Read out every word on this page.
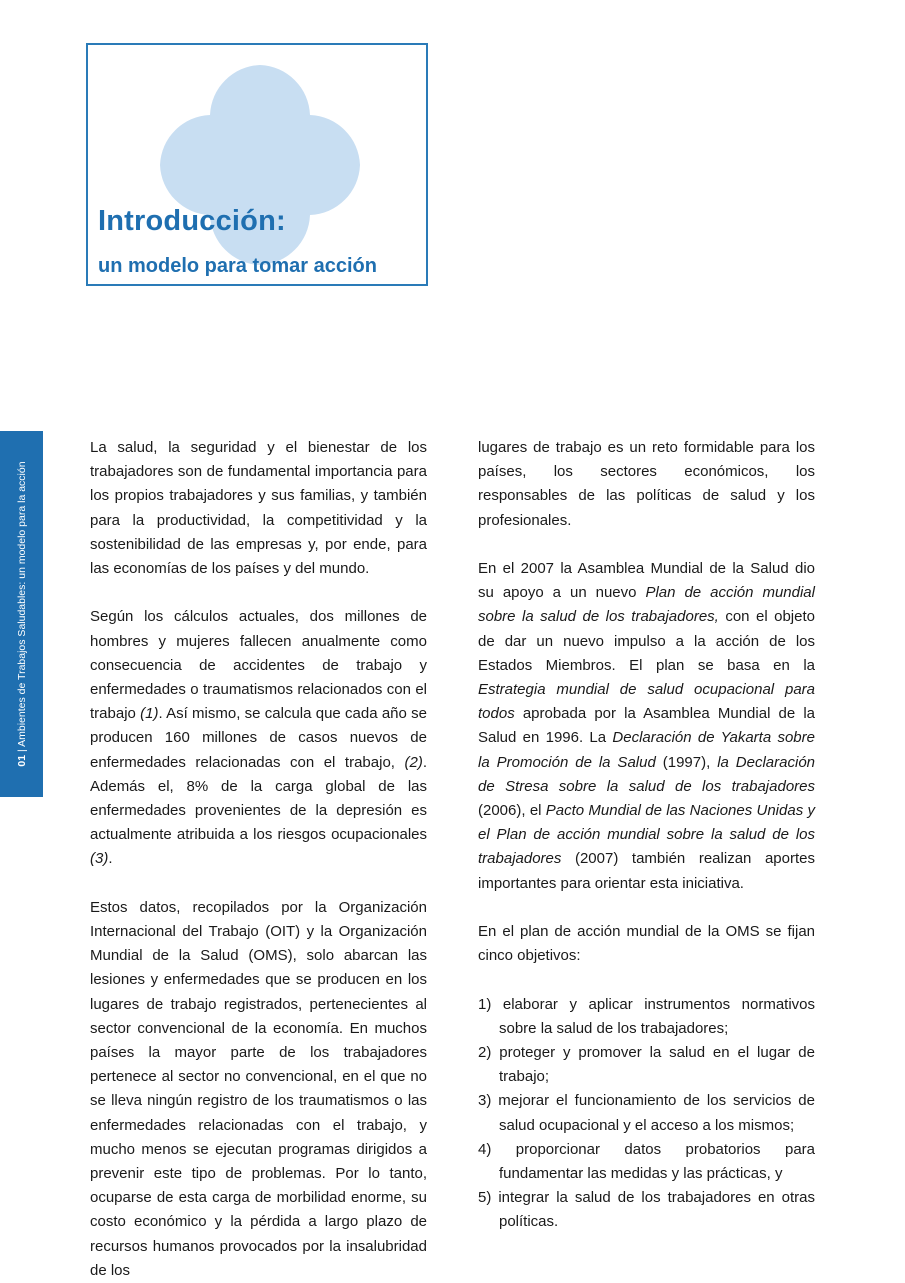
Introducción:
un modelo para tomar acción
01 | Ambientes de Trabajos Saludables: un modelo para la acción

La salud, la seguridad y el bienestar de los trabajadores son de fundamental importancia para los propios trabajadores y sus familias, y también para la productividad, la competitividad y la sostenibilidad de las empresas y, por ende, para las economías de los países y del mundo.

Según los cálculos actuales, dos millones de hombres y mujeres fallecen anualmente como consecuencia de accidentes de trabajo y enfermedades o traumatismos relacionados con el trabajo (1). Así mismo, se calcula que cada año se producen 160 millones de casos nuevos de enfermedades relacionadas con el trabajo, (2). Además el, 8% de la carga global de las enfermedades provenientes de la depresión es actualmente atribuida a los riesgos ocupacionales (3).

Estos datos, recopilados por la Organización Internacional del Trabajo (OIT) y la Organización Mundial de la Salud (OMS), solo abarcan las lesiones y enfermedades que se producen en los lugares de trabajo registrados, pertenecientes al sector convencional de la economía. En muchos países la mayor parte de los trabajadores pertenece al sector no convencional, en el que no se lleva ningún registro de los traumatismos o las enfermedades relacionadas con el trabajo, y mucho menos se ejecutan programas dirigidos a prevenir este tipo de problemas. Por lo tanto, ocuparse de esta carga de morbilidad enorme, su costo económico y la pérdida a largo plazo de recursos humanos provocados por la insalubridad de los

lugares de trabajo es un reto formidable para los países, los sectores económicos, los responsables de las políticas de salud y los profesionales.

En el 2007 la Asamblea Mundial de la Salud dio su apoyo a un nuevo Plan de acción mundial sobre la salud de los trabajadores, con el objeto de dar un nuevo impulso a la acción de los Estados Miembros. El plan se basa en la Estrategia mundial de salud ocupacional para todos aprobada por la Asamblea Mundial de la Salud en 1996. La Declaración de Yakarta sobre la Promoción de la Salud (1997), la Declaración de Stresa sobre la salud de los trabajadores (2006), el Pacto Mundial de las Naciones Unidas y el Plan de acción mundial sobre la salud de los trabajadores (2007) también realizan aportes importantes para orientar esta iniciativa.

En el plan de acción mundial de la OMS se fijan cinco objetivos:

1) elaborar y aplicar instrumentos normativos sobre la salud de los trabajadores;
2) proteger y promover la salud en el lugar de trabajo;
3) mejorar el funcionamiento de los servicios de salud ocupacional y el acceso a los mismos;
4) proporcionar datos probatorios para fundamentar las medidas y las prácticas, y
5) integrar la salud de los trabajadores en otras políticas.
